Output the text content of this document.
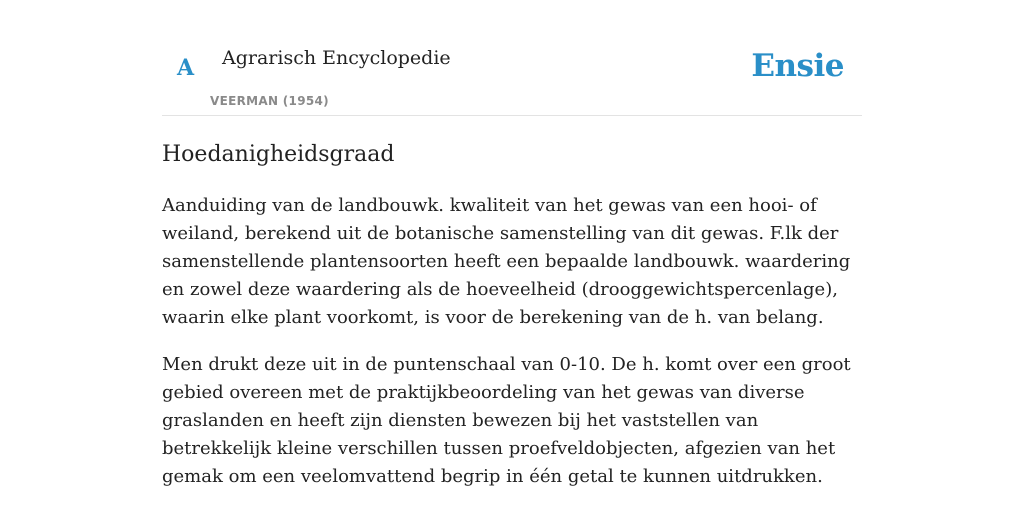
A Agrarisch Encyclopedie
VEERMAN (1954)
Ensie
Hoedanigheidsgraad

Aanduiding van de landbouwk. kwaliteit van het gewas van een hooi- of weiland, berekend uit de botanische samenstelling van dit gewas. F.lk der samenstellende plantensoorten heeft een bepaalde landbouwk. waardering en zowel deze waardering als de hoeveelheid (drooggewichtspercenlage), waarin elke plant voorkomt, is voor de berekening van de h. van belang.

Men drukt deze uit in de puntenschaal van 0-10. De h. komt over een groot gebied overeen met de praktijkbeoordeling van het gewas van diverse graslanden en heeft zijn diensten bewezen bij het vaststellen van betrekkelijk kleine verschillen tussen proefveldobjecten, afgezien van het gemak om een veelomvattend begrip in één getal te kunnen uitdrukken.
